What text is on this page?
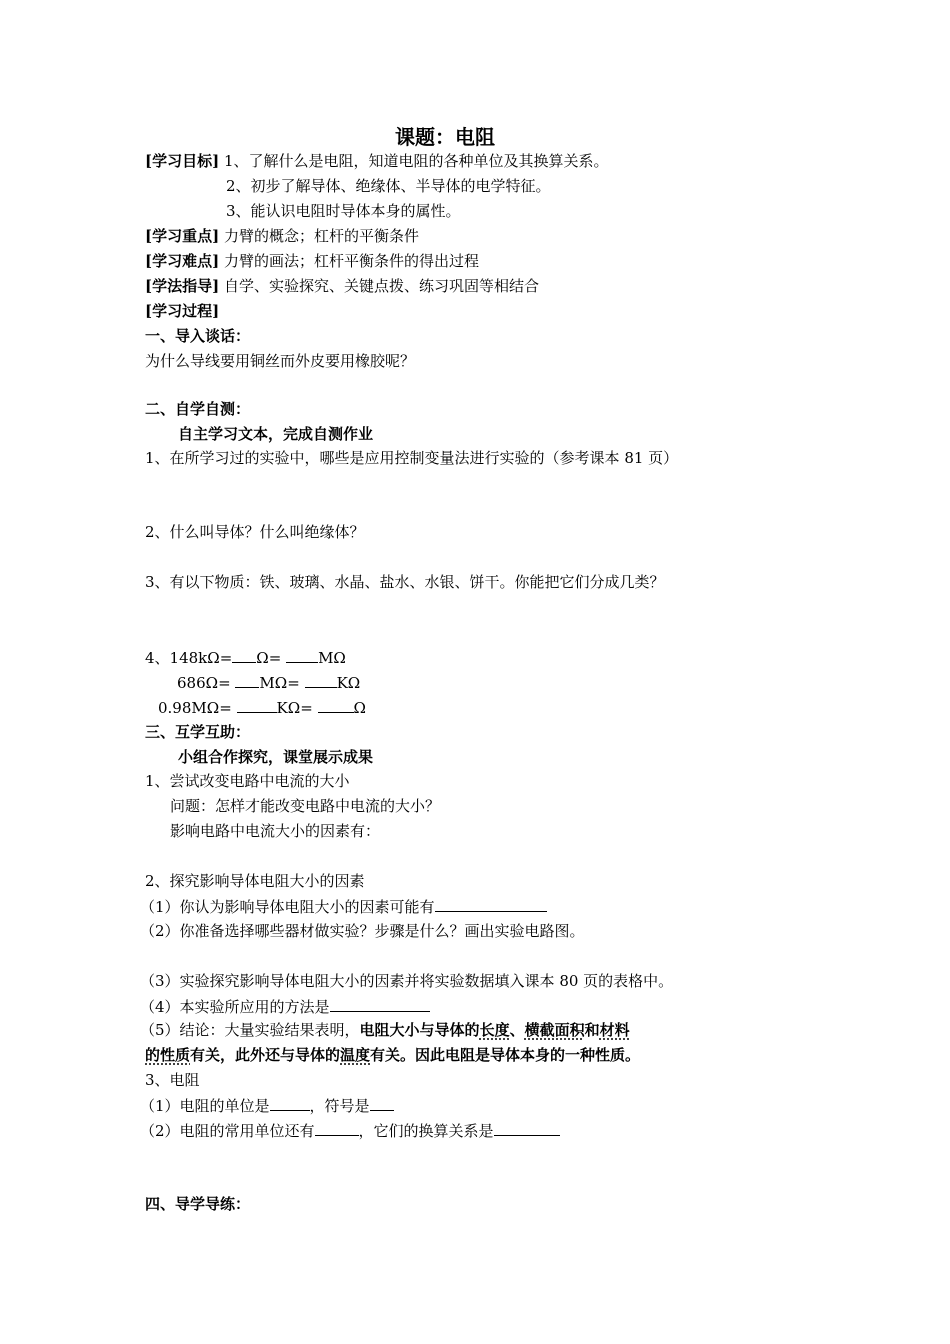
课题：电阻
[学习目标] 1、了解什么是电阻，知道电阻的各种单位及其换算关系。
2、初步了解导体、绝缘体、半导体的电学特征。
3、能认识电阻时导体本身的属性。
[学习重点] 力臂的概念；杠杆的平衡条件
[学习难点] 力臂的画法；杠杆平衡条件的得出过程
[学法指导] 自学、实验探究、关键点拨、练习巩固等相结合
[学习过程]
一、导入谈话：
为什么导线要用铜丝而外皮要用橡胶呢？
二、自学自测：
自主学习文本，完成自测作业
1、在所学习过的实验中，哪些是应用控制变量法进行实验的（参考课本 81 页）
2、什么叫导体？什么叫绝缘体？
3、有以下物质：铁、玻璃、水晶、盐水、水银、饼干。你能把它们分成几类？
4、148kΩ= Ω= MΩ
686Ω= MΩ= KΩ
0.98MΩ=	KΩ=	Ω
三、互学互助：
小组合作探究，课堂展示成果
1、尝试改变电路中电流的大小
问题：怎样才能改变电路中电流的大小？
影响电路中电流大小的因素有：
2、探究影响导体电阻大小的因素
（1）你认为影响导体电阻大小的因素可能有
（2）你准备选择哪些器材做实验？步骤是什么？画出实验电路图。
（3）实验探究影响导体电阻大小的因素并将实验数据填入课本 80 页的表格中。
（4）本实验所应用的方法是
（5）结论：大量实验结果表明，电阻大小与导体的长度、横截面积和材料
的性质有关，此外还与导体的温度有关。因此电阻是导体本身的一种性质。
3、电阻
（1）电阻的单位是	，符号是
（2）电阻的常用单位还有	，它们的换算关系是
四、导学导练：
